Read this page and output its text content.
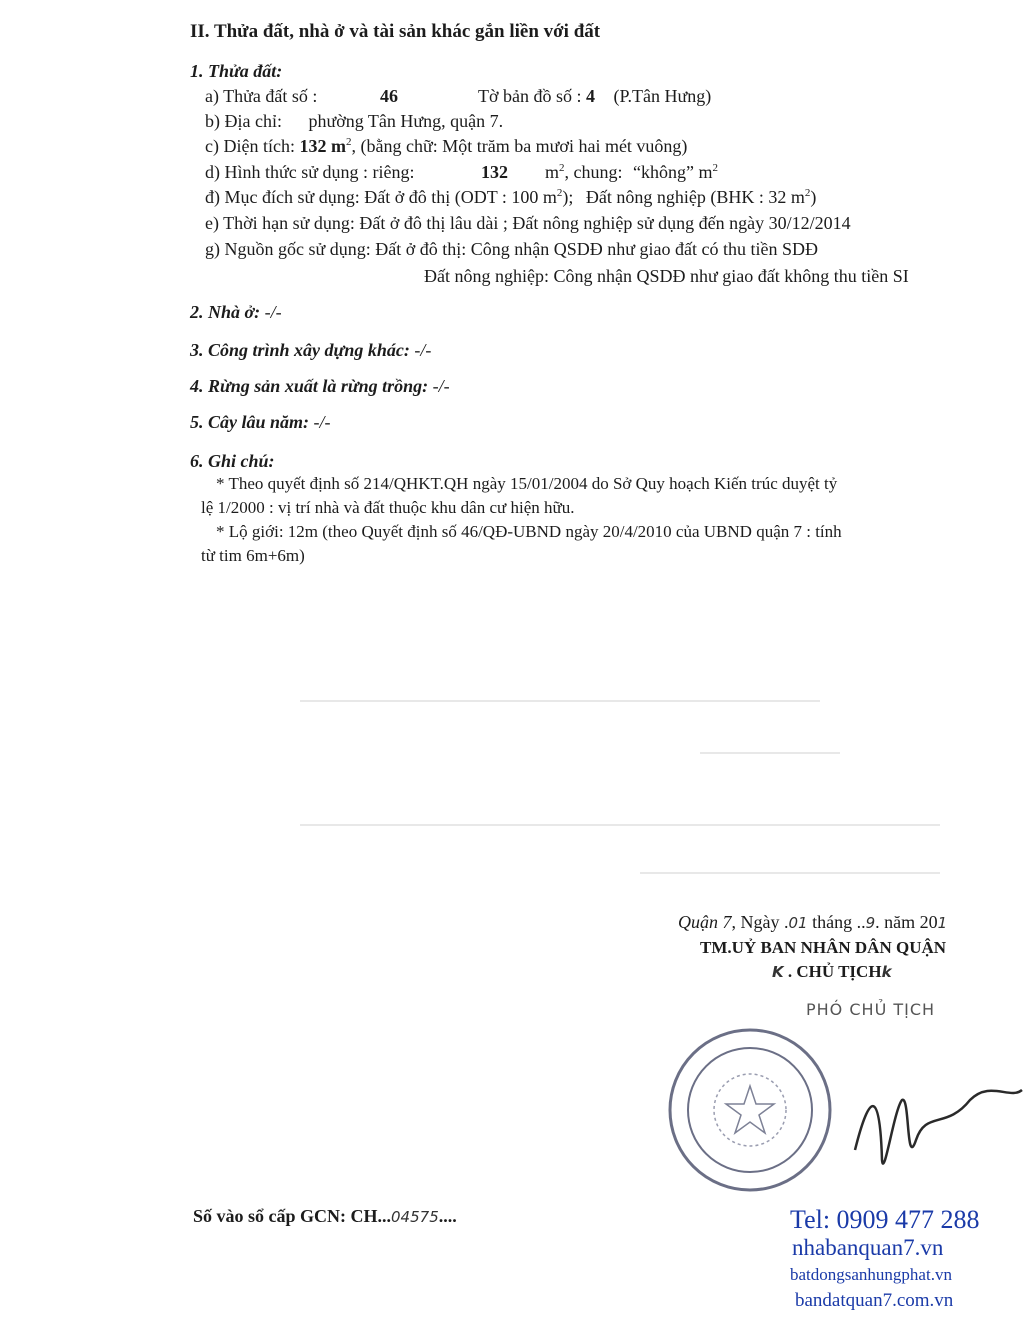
II. Thửa đất, nhà ở và tài sản khác gắn liền với đất
1. Thửa đất:
a) Thửa đất số :	46	Tờ bản đồ số : 4 (P.Tân Hưng)
b) Địa chỉ: phường Tân Hưng, quận 7.
c) Diện tích: 132 $m^2$, (bằng chữ: Một trăm ba mươi hai mét vuông)
d) Hình thức sử dụng : riêng:	132 $m^2$, chung: “không” $m^2$
đ) Mục đích sử dụng: Đất ở đô thị (ODT : 100 $m^2$); Đất nông nghiệp (BHK : 32 $m^2$)
e) Thời hạn sử dụng: Đất ở đô thị lâu dài ; Đất nông nghiệp sử dụng đến ngày 30/12/2014
g) Nguồn gốc sử dụng: Đất ở đô thị: Công nhận QSDĐ như giao đất có thu tiền SDĐ
Đất nông nghiệp: Công nhận QSDĐ như giao đất không thu tiền SI
2. Nhà ở: -/-
3. Công trình xây dựng khác: -/-
4. Rừng sản xuất là rừng trồng: -/-
5. Cây lâu năm: -/-
6. Ghi chú:
* Theo quyết định số 214/QHKT.QH ngày 15/01/2004 do Sở Quy hoạch Kiến trúc duyệt tỷ
lệ 1/2000 : vị trí nhà và đất thuộc khu dân cư hiện hữu.
* Lộ giới: 12m (theo Quyết định số 46/QĐ-UBND ngày 20/4/2010 của UBND quận 7 : tính
từ tim 6m+6m)
Quận 7, Ngày .01 tháng ..9. năm 201
TM.UỶ BAN NHÂN DÂN QUẬN
K . CHỦ TỊCHk
PHÓ CHỦ TỊCH
Số vào sổ cấp GCN: CH...04575....	Tel: 0909 477 288
nhabanquan7.vn
batdongsanhungphat.vn
bandatquan7.com.vn
